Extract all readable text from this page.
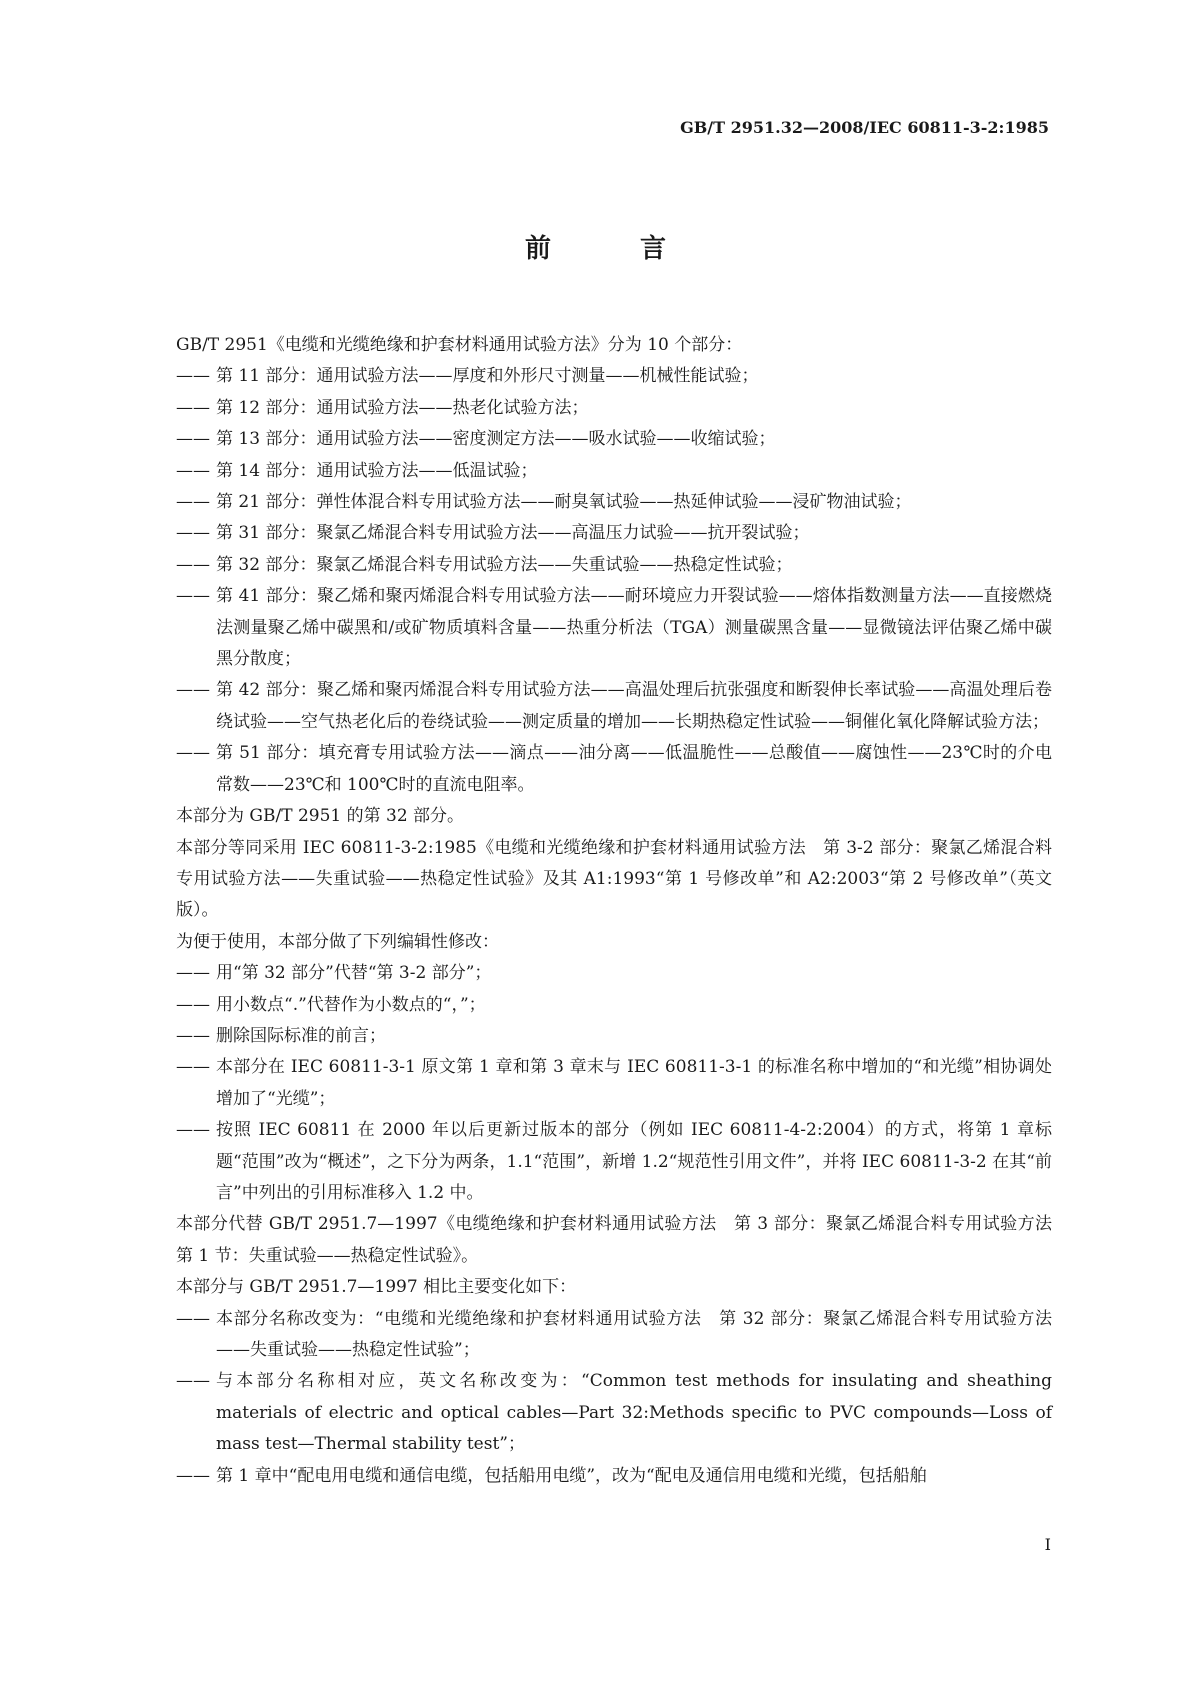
GB/T 2951.32—2008/IEC 60811-3-2:1985
前 言

GB/T 2951《电缆和光缆绝缘和护套材料通用试验方法》分为 10 个部分：

—— 第 11 部分：通用试验方法——厚度和外形尺寸测量——机械性能试验；

—— 第 12 部分：通用试验方法——热老化试验方法；

—— 第 13 部分：通用试验方法——密度测定方法——吸水试验——收缩试验；

—— 第 14 部分：通用试验方法——低温试验；

—— 第 21 部分：弹性体混合料专用试验方法——耐臭氧试验——热延伸试验——浸矿物油试验；

—— 第 31 部分：聚氯乙烯混合料专用试验方法——高温压力试验——抗开裂试验；

—— 第 32 部分：聚氯乙烯混合料专用试验方法——失重试验——热稳定性试验；

—— 第 41 部分：聚乙烯和聚丙烯混合料专用试验方法——耐环境应力开裂试验——熔体指数测量方法——直接燃烧法测量聚乙烯中碳黑和/或矿物质填料含量——热重分析法（TGA）测量碳黑含量——显微镜法评估聚乙烯中碳黑分散度；

—— 第 42 部分：聚乙烯和聚丙烯混合料专用试验方法——高温处理后抗张强度和断裂伸长率试验——高温处理后卷绕试验——空气热老化后的卷绕试验——测定质量的增加——长期热稳定性试验——铜催化氧化降解试验方法；

—— 第 51 部分：填充膏专用试验方法——滴点——油分离——低温脆性——总酸值——腐蚀性——23℃时的介电常数——23℃和 100℃时的直流电阻率。

本部分为 GB/T 2951 的第 32 部分。

本部分等同采用 IEC 60811-3-2:1985《电缆和光缆绝缘和护套材料通用试验方法　第 3-2 部分：聚氯乙烯混合料专用试验方法——失重试验——热稳定性试验》及其 A1:1993“第 1 号修改单”和 A2:2003“第 2 号修改单”（英文版）。

为便于使用，本部分做了下列编辑性修改：

—— 用“第 32 部分”代替“第 3-2 部分”；

—— 用小数点“.”代替作为小数点的“，”；

—— 删除国际标准的前言；

—— 本部分在 IEC 60811-3-1 原文第 1 章和第 3 章末与 IEC 60811-3-1 的标准名称中增加的“和光缆”相协调处增加了“光缆”；

—— 按照 IEC 60811 在 2000 年以后更新过版本的部分（例如 IEC 60811-4-2:2004）的方式，将第 1 章标题“范围”改为“概述”，之下分为两条，1.1“范围”，新增 1.2“规范性引用文件”，并将 IEC 60811-3-2 在其“前言”中列出的引用标准移入 1.2 中。

本部分代替 GB/T 2951.7—1997《电缆绝缘和护套材料通用试验方法　第 3 部分：聚氯乙烯混合料专用试验方法　第 1 节：失重试验——热稳定性试验》。

本部分与 GB/T 2951.7—1997 相比主要变化如下：

—— 本部分名称改变为：“电缆和光缆绝缘和护套材料通用试验方法　第 32 部分：聚氯乙烯混合料专用试验方法——失重试验——热稳定性试验”；

—— 与本部分名称相对应，英文名称改变为：“Common test methods for insulating and sheathing materials of electric and optical cables—Part 32:Methods specific to PVC compounds—Loss of mass test—Thermal stability test”；

—— 第 1 章中“配电用电缆和通信电缆，包括船用电缆”，改为“配电及通信用电缆和光缆，包括船舶

I
